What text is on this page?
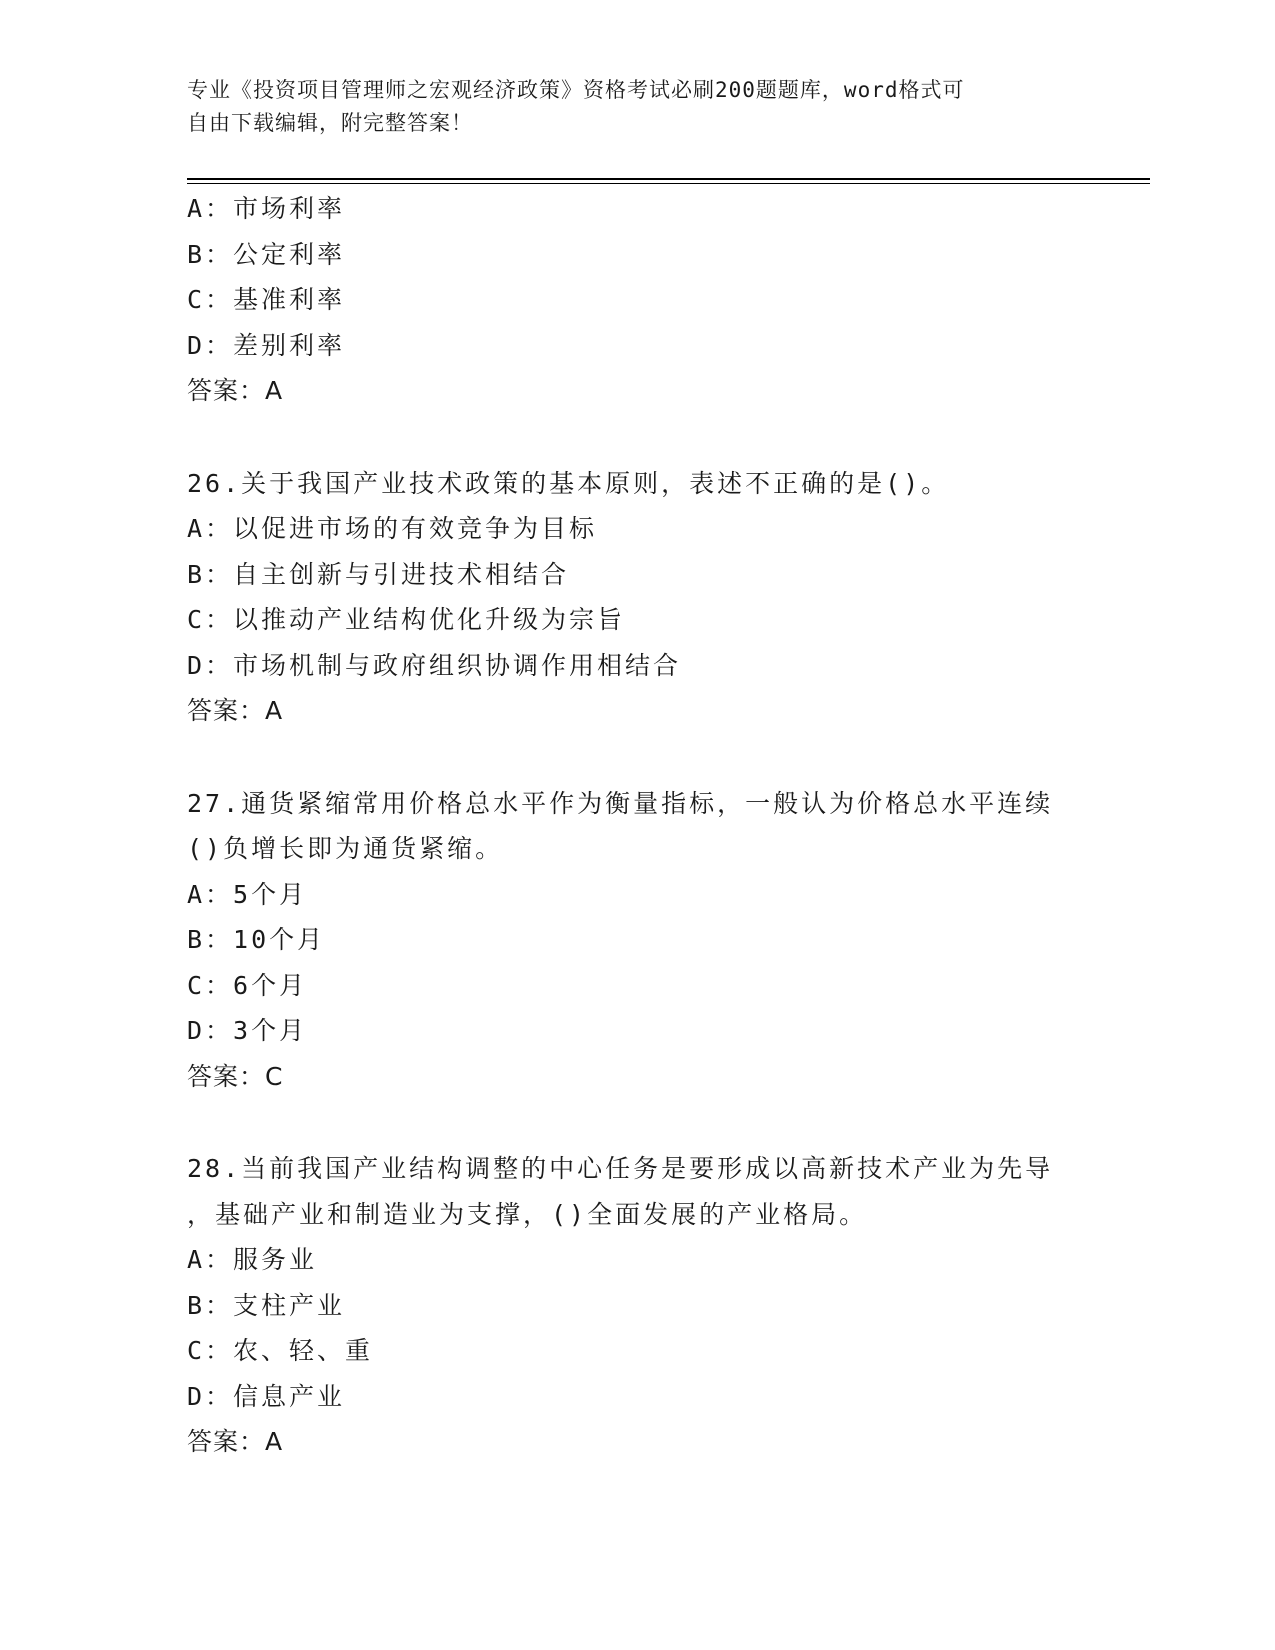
专业《投资项目管理师之宏观经济政策》资格考试必刷200题题库，word格式可
自由下载编辑，附完整答案！
A：市场利率
B：公定利率
C：基准利率
D：差别利率
答案：A
26.关于我国产业技术政策的基本原则，表述不正确的是()。
A：以促进市场的有效竞争为目标
B：自主创新与引进技术相结合
C：以推动产业结构优化升级为宗旨
D：市场机制与政府组织协调作用相结合
答案：A
27.通货紧缩常用价格总水平作为衡量指标，一般认为价格总水平连续
()负增长即为通货紧缩。
A：5个月
B：10个月
C：6个月
D：3个月
答案：C
28.当前我国产业结构调整的中心任务是要形成以高新技术产业为先导
，基础产业和制造业为支撑，()全面发展的产业格局。
A：服务业
B：支柱产业
C：农、轻、重
D：信息产业
答案：A
